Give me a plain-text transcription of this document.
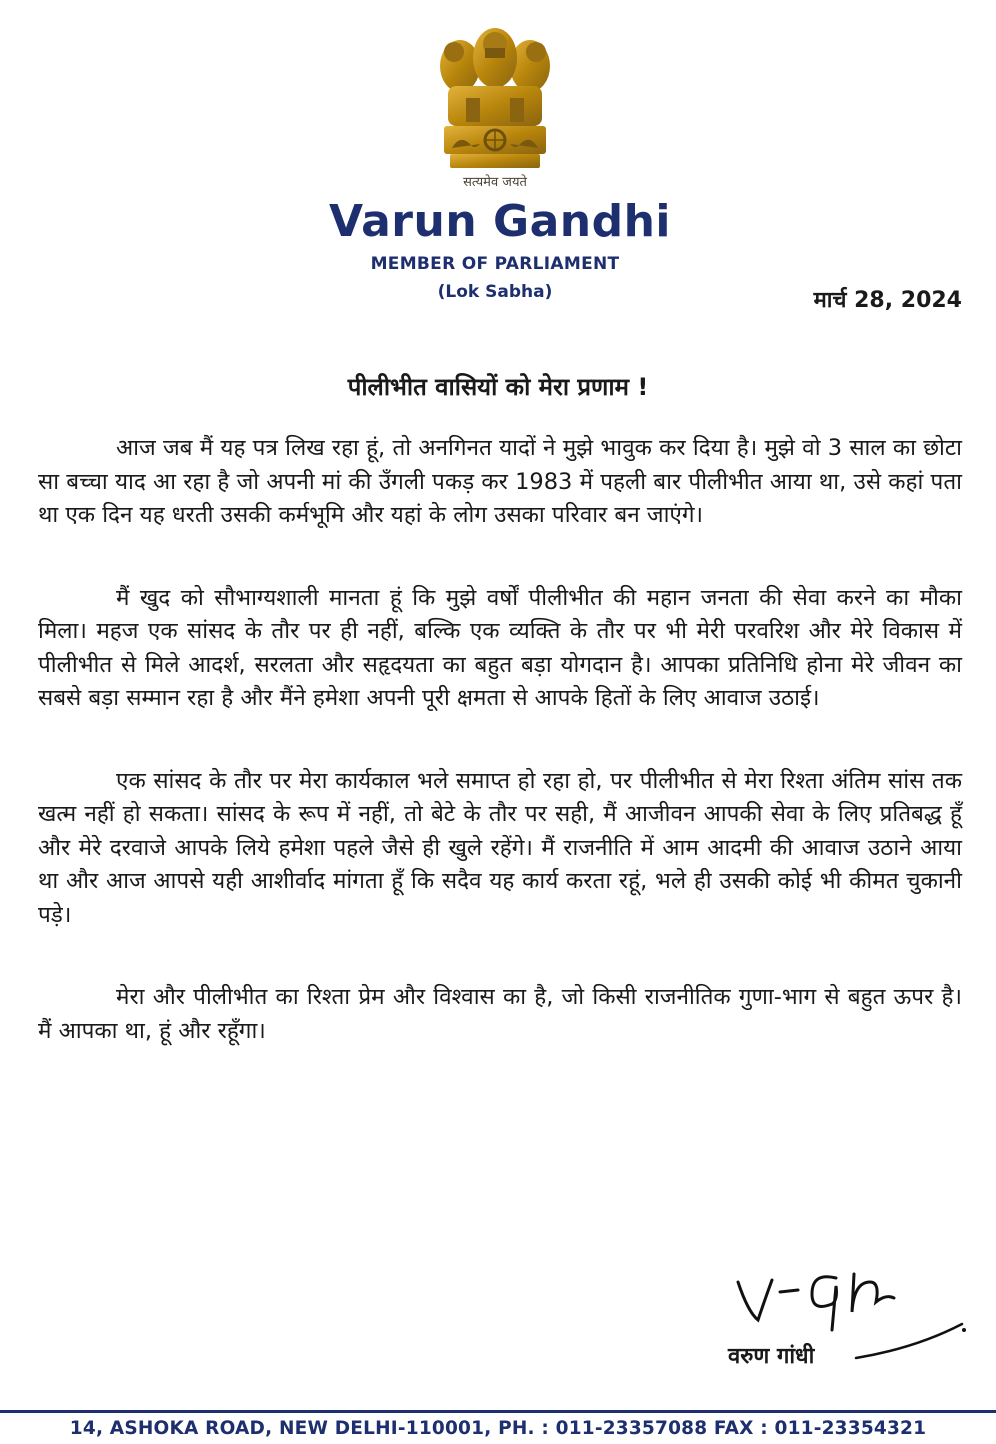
सत्यमेव जयते
Varun Gandhi
MEMBER OF PARLIAMENT
(Lok Sabha)	मार्च 28, 2024
पीलीभीत वासियों को मेरा प्रणाम !

आज जब मैं यह पत्र लिख रहा हूं, तो अनगिनत यादों ने मुझे भावुक कर दिया है। मुझे वो 3 साल का छोटा सा बच्चा याद आ रहा है जो अपनी मां की उँगली पकड़ कर 1983 में पहली बार पीलीभीत आया था, उसे कहां पता था एक दिन यह धरती उसकी कर्मभूमि और यहां के लोग उसका परिवार बन जाएंगे।

मैं खुद को सौभाग्यशाली मानता हूं कि मुझे वर्षों पीलीभीत की महान जनता की सेवा करने का मौका मिला। महज एक सांसद के तौर पर ही नहीं, बल्कि एक व्यक्ति के तौर पर भी मेरी परवरिश और मेरे विकास में पीलीभीत से मिले आदर्श, सरलता और सहृदयता का बहुत बड़ा योगदान है। आपका प्रतिनिधि होना मेरे जीवन का सबसे बड़ा सम्मान रहा है और मैंने हमेशा अपनी पूरी क्षमता से आपके हितों के लिए आवाज उठाई।

एक सांसद के तौर पर मेरा कार्यकाल भले समाप्त हो रहा हो, पर पीलीभीत से मेरा रिश्ता अंतिम सांस तक खत्म नहीं हो सकता। सांसद के रूप में नहीं, तो बेटे के तौर पर सही, मैं आजीवन आपकी सेवा के लिए प्रतिबद्ध हूँ और मेरे दरवाजे आपके लिये हमेशा पहले जैसे ही खुले रहेंगे। मैं राजनीति में आम आदमी की आवाज उठाने आया था और आज आपसे यही आशीर्वाद मांगता हूँ कि सदैव यह कार्य करता रहूं, भले ही उसकी कोई भी कीमत चुकानी पड़े।

मेरा और पीलीभीत का रिश्ता प्रेम और विश्वास का है, जो किसी राजनीतिक गुणा-भाग से बहुत ऊपर है। मैं आपका था, हूं और रहूँगा।

वरुण गांधी
14, ASHOKA ROAD, NEW DELHI-110001, PH. : 011-23357088 FAX : 011-23354321
